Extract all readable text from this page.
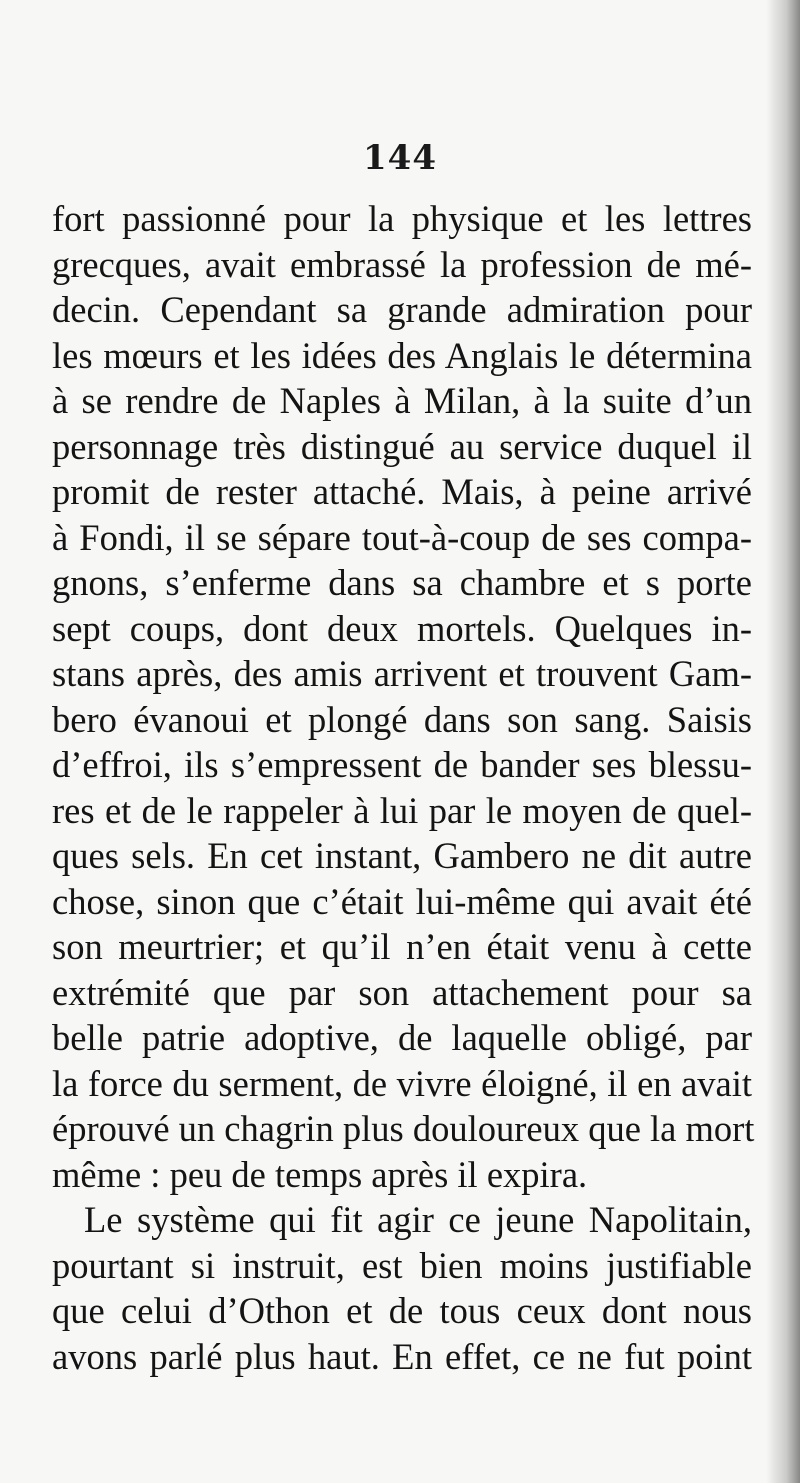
144
fort passionné pour la physique et les lettres
grecques, avait embrassé la profession de mé-
decin. Cependant sa grande admiration pour
les mœurs et les idées des Anglais le détermina
à se rendre de Naples à Milan, à la suite d’un
personnage très distingué au service duquel il
promit de rester attaché. Mais, à peine arrivé
à Fondi, il se sépare tout-à-coup de ses compa-
gnons, s’enferme dans sa chambre et s porte
sept coups, dont deux mortels. Quelques in-
stans après, des amis arrivent et trouvent Gam-
bero évanoui et plongé dans son sang. Saisis
d’effroi, ils s’empressent de bander ses blessu-
res et de le rappeler à lui par le moyen de quel-
ques sels. En cet instant, Gambero ne dit autre
chose, sinon que c’était lui-même qui avait été
son meurtrier; et qu’il n’en était venu à cette
extrémité que par son attachement pour sa
belle patrie adoptive, de laquelle obligé, par
la force du serment, de vivre éloigné, il en avait
éprouvé un chagrin plus douloureux que la mort
même : peu de temps après il expira.
Le système qui fit agir ce jeune Napolitain,
pourtant si instruit, est bien moins justifiable
que celui d’Othon et de tous ceux dont nous
avons parlé plus haut. En effet, ce ne fut point
